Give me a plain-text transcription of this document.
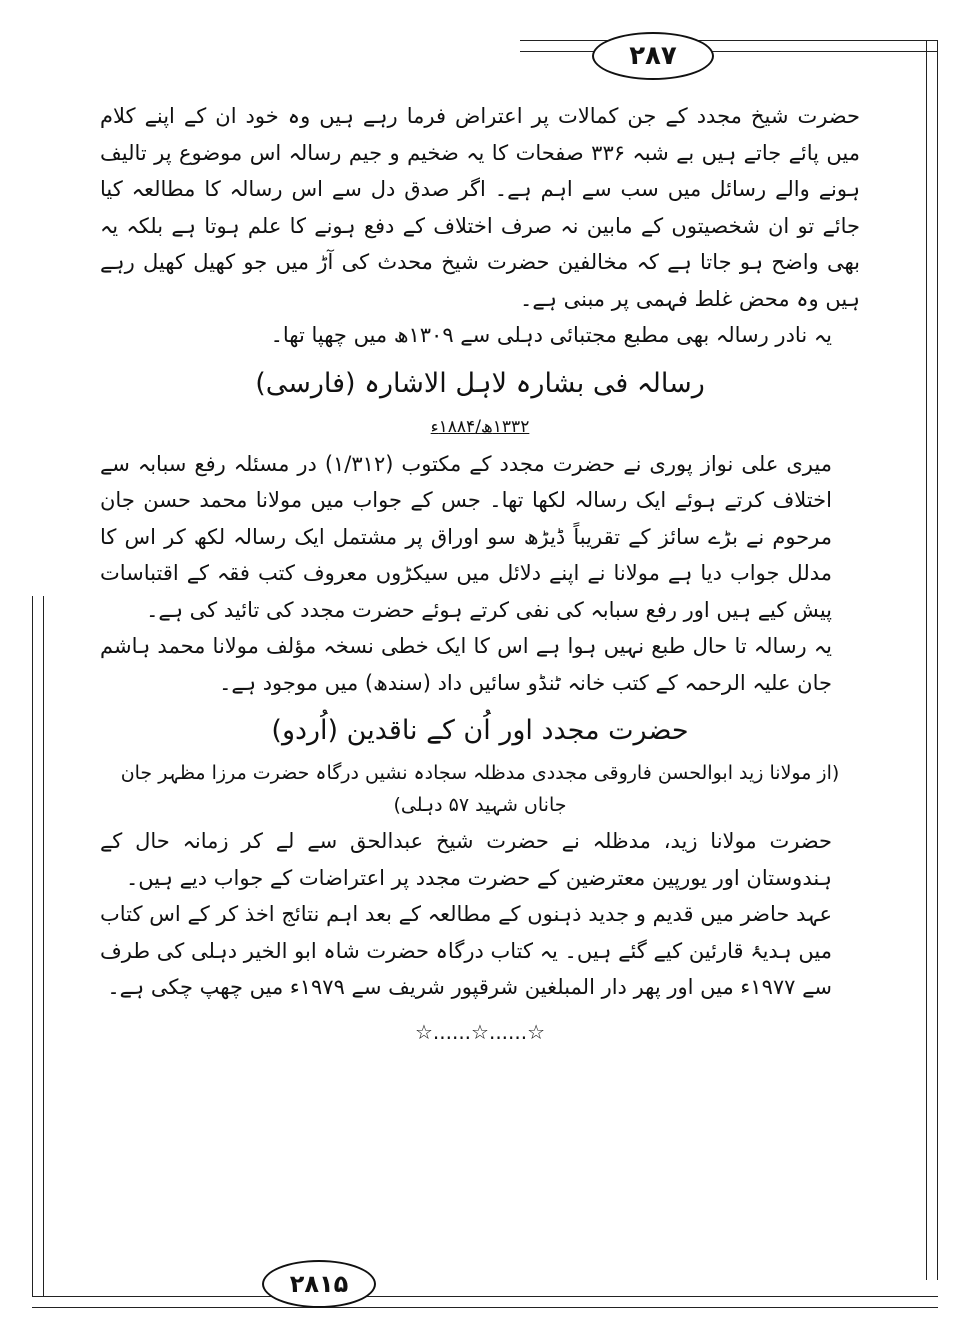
۲۸۷

حضرت شیخ مجدد کے جن کمالات پر اعتراض فرما رہے ہیں وہ خود ان کے اپنے کلام میں پائے جاتے ہیں بے شبہ ۳۳۶ صفحات کا یہ ضخیم و جیم رسالہ اس موضوع پر تالیف ہونے والے رسائل میں سب سے اہم ہے۔ اگر صدق دل سے اس رسالہ کا مطالعہ کیا جائے تو ان شخصیتوں کے مابین نہ صرف اختلاف کے دفع ہونے کا علم ہوتا ہے بلکہ یہ بھی واضح ہو جاتا ہے کہ مخالفین حضرت شیخ محدث کی آڑ میں جو کھیل کھیل رہے ہیں وہ محض غلط فہمی پر مبنی ہے۔

یہ نادر رسالہ بھی مطبع مجتبائی دہلی سے ۱۳۰۹ھ میں چھپا تھا۔

رسالہ فی بشارہ لاہل الاشارہ (فارسی)
۱۳۳۲ھ/۱۸۸۴ء

میری علی نواز پوری نے حضرت مجدد کے مکتوب (۱/۳۱۲) در مسئلہ رفع سبابہ سے اختلاف کرتے ہوئے ایک رسالہ لکھا تھا۔ جس کے جواب میں مولانا محمد حسن جان مرحوم نے بڑے سائز کے تقریباً ڈیڑھ سو اوراق پر مشتمل ایک رسالہ لکھ کر اس کا مدلل جواب دیا ہے مولانا نے اپنے دلائل میں سیکڑوں معروف کتب فقہ کے اقتباسات پیش کیے ہیں اور رفع سبابہ کی نفی کرتے ہوئے حضرت مجدد کی تائید کی ہے۔

یہ رسالہ تا حال طبع نہیں ہوا ہے اس کا ایک خطی نسخہ مؤلف مولانا محمد ہاشم جان علیہ الرحمہ کے کتب خانہ ٹنڈو سائیں داد (سندھ) میں موجود ہے۔

حضرت مجدد اور اُن کے ناقدین (اُردو)
(از مولانا زید ابوالحسن فاروقی مجددی مدظلہ سجادہ نشیں درگاہ حضرت مرزا مظہر جان جاناں شہید ۵۷ دہلی)

حضرت مولانا زید، مدظلہ نے حضرت شیخ عبدالحق سے لے کر زمانہ حال کے ہندوستان اور یورپین معترضین کے حضرت مجدد پر اعتراضات کے جواب دیے ہیں۔

عہد حاضر میں قدیم و جدید ذہنوں کے مطالعہ کے بعد اہم نتائج اخذ کر کے اس کتاب میں ہدیۂ قارئین کیے گئے ہیں۔ یہ کتاب درگاہ حضرت شاہ ابو الخیر دہلی کی طرف سے ۱۹۷۷ء میں اور پھر دار المبلغین شرقپور شریف سے ۱۹۷۹ء میں چھپ چکی ہے۔

☆......☆......☆
۲۸۱۵
